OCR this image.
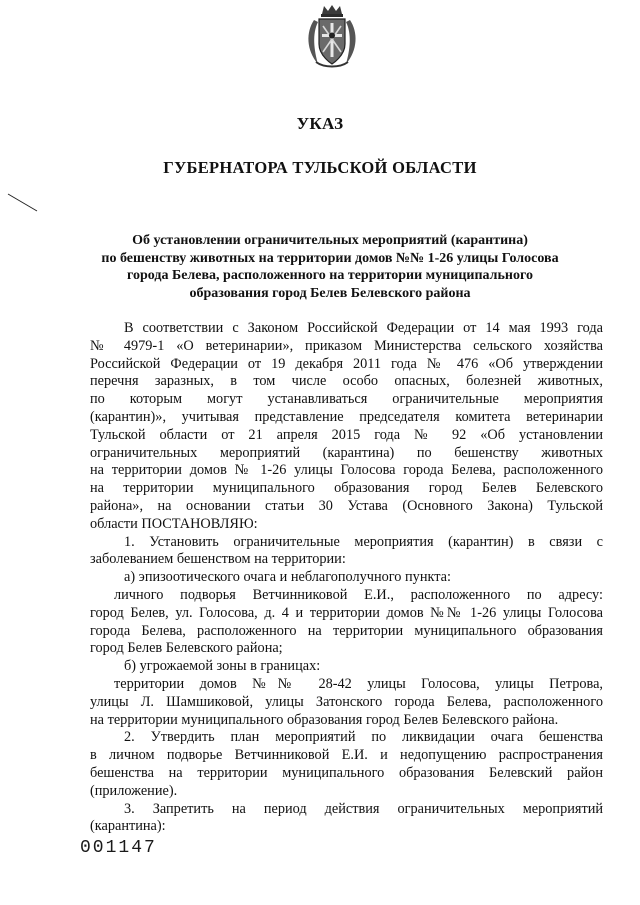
УКАЗ
ГУБЕРНАТОРА ТУЛЬСКОЙ ОБЛАСТИ
Об установлении ограничительных мероприятий (карантина)
по бешенству животных на территории домов №№ 1-26 улицы Голосова
города Белева, расположенного на территории муниципального
образования город Белев Белевского района
В соответствии с Законом Российской Федерации от 14 мая 1993 года
№ 4979-1 «О ветеринарии», приказом Министерства сельского хозяйства
Российской Федерации от 19 декабря 2011 года № 476 «Об утверждении
перечня заразных, в том числе особо опасных, болезней животных,
по которым могут устанавливаться ограничительные мероприятия
(карантин)», учитывая представление председателя комитета ветеринарии
Тульской области от 21 апреля 2015 года № 92 «Об установлении
ограничительных мероприятий (карантина) по бешенству животных
на территории домов № 1-26 улицы Голосова города Белева, расположенного
на территории муниципального образования город Белев Белевского
района», на основании статьи 30 Устава (Основного Закона) Тульской
области ПОСТАНОВЛЯЮ:
1. Установить ограничительные мероприятия (карантин) в связи с
заболеванием бешенством на территории:
а) эпизоотического очага и неблагополучного пункта:
личного подворья Ветчинниковой Е.И., расположенного по адресу:
город Белев, ул. Голосова, д. 4 и территории домов №№ 1-26 улицы Голосова
города Белева, расположенного на территории муниципального образования
город Белев Белевского района;
б) угрожаемой зоны в границах:
территории домов №№ 28-42 улицы Голосова, улицы Петрова,
улицы Л. Шамшиковой, улицы Затонского города Белева, расположенного
на территории муниципального образования город Белев Белевского района.
2. Утвердить план мероприятий по ликвидации очага бешенства
в личном подворье Ветчинниковой Е.И. и недопущению распространения
бешенства на территории муниципального образования Белевский район
(приложение).
3. Запретить на период действия ограничительных мероприятий
(карантина):
001147
